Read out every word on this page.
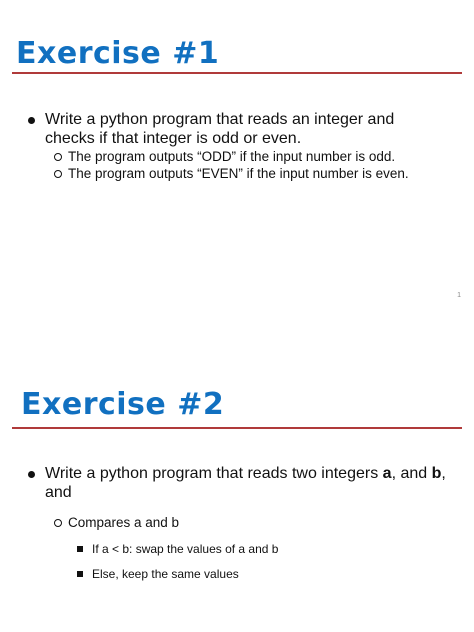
Exercise #1
Write a python program that reads an integer and checks if that integer is odd or even.
The program outputs “ODD” if the input number is odd.
The program outputs “EVEN” if the input number is even.
1
Exercise #2
Write a python program that reads two integers a, and b, and
Compares a and b
If a < b: swap the values of a and b
Else, keep the same values
